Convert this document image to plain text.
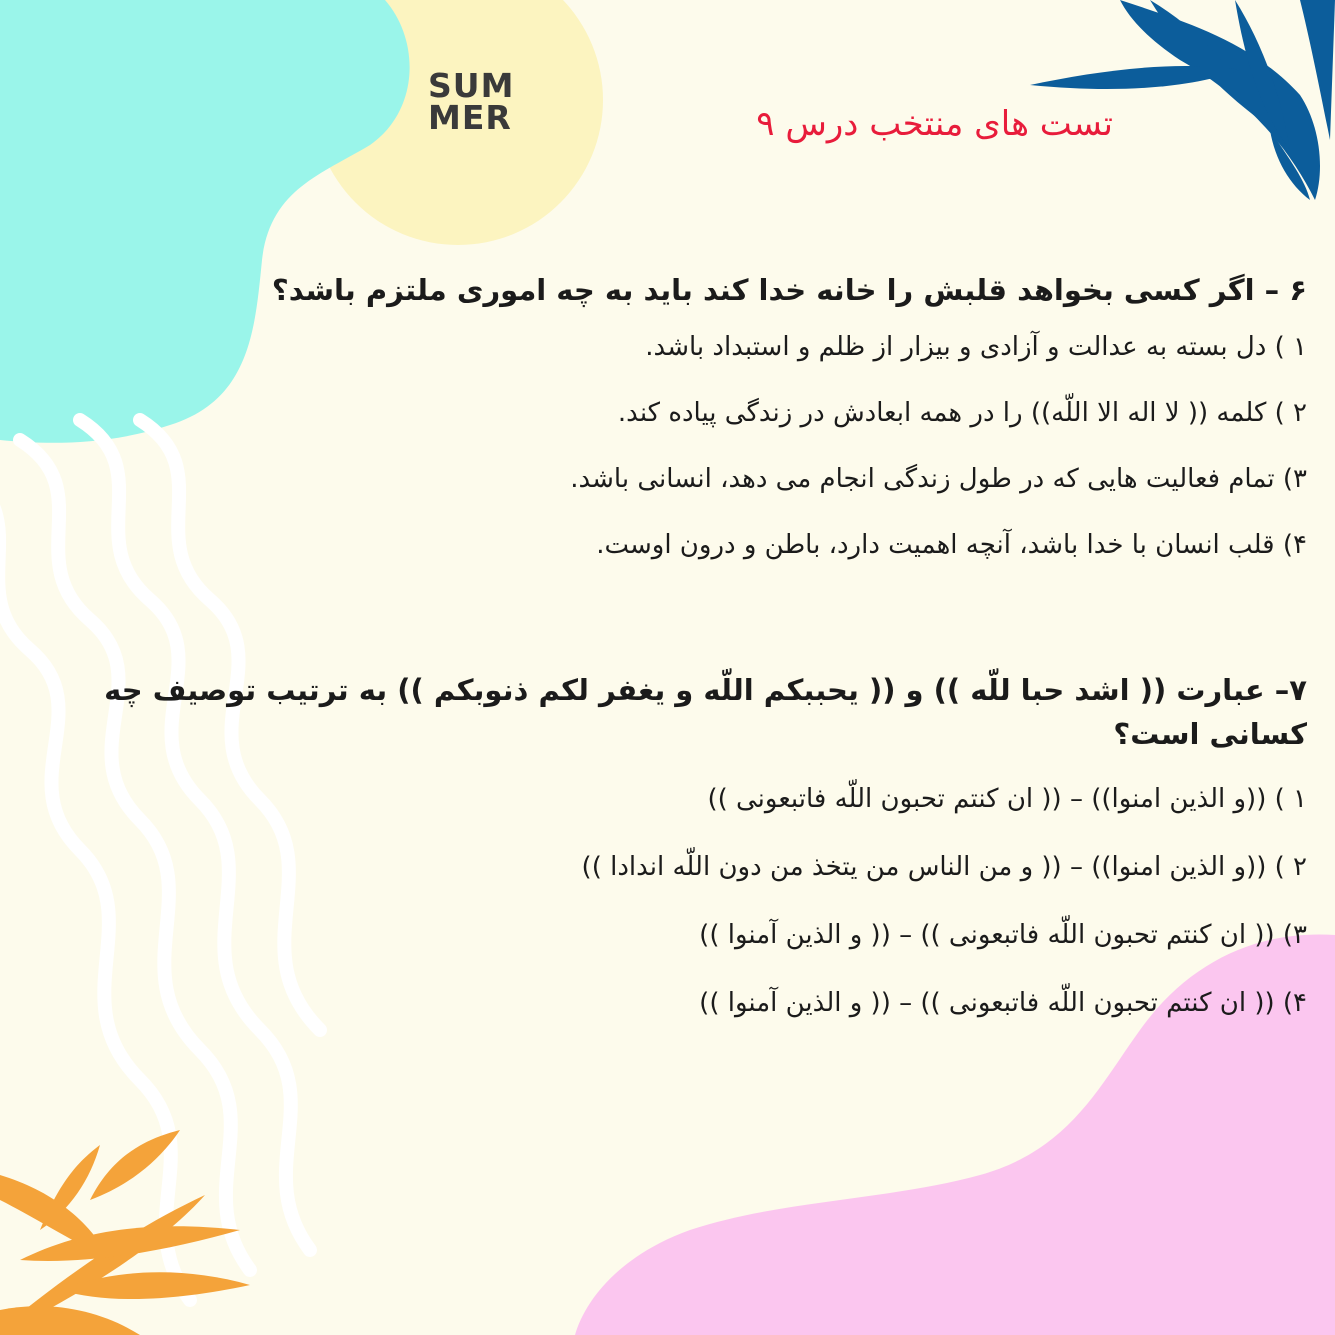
SUM
MER	تست های منتخب درس ۹

۶ – اگر کسی بخواهد قلبش را خانه خدا کند باید به چه اموری ملتزم باشد؟

۱ ) دل بسته به عدالت و آزادی و بیزار از ظلم و استبداد باشد.

۲ ) کلمه (( لا اله الا اللّه)) را در همه ابعادش در زندگی پیاده کند.

۳) تمام فعالیت هایی که در طول زندگی انجام می دهد، انسانی باشد.

۴) قلب انسان با خدا باشد، آنچه اهمیت دارد، باطن و درون اوست.

۷– عبارت (( اشد حبا للّه )) و (( یحببکم اللّه و یغفر لکم ذنوبکم )) به ترتیب توصیف چه کسانی است؟

۱ ) ((و الذین امنوا)) – (( ان کنتم تحبون اللّه فاتبعونی ))

۲ ) ((و الذین امنوا)) – (( و من الناس من یتخذ من دون اللّه اندادا ))

۳) (( ان کنتم تحبون اللّه فاتبعونی )) – (( و الذین آمنوا ))

۴) (( ان کنتم تحبون اللّه فاتبعونی )) – (( و الذین آمنوا ))
